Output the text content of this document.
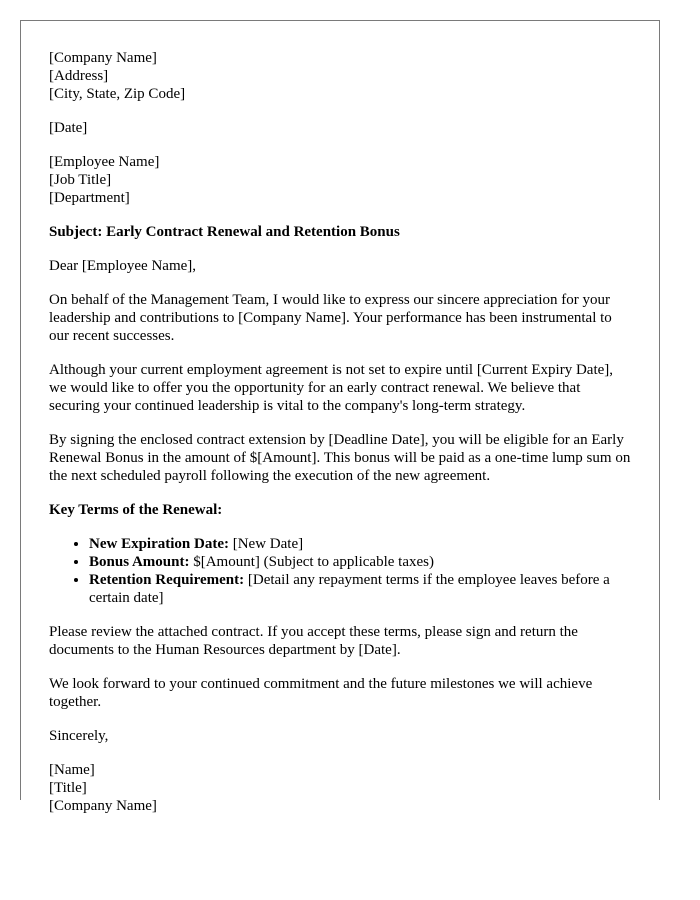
[Company Name]
[Address]
[City, State, Zip Code]

[Date]

[Employee Name]
[Job Title]
[Department]

Subject: Early Contract Renewal and Retention Bonus

Dear [Employee Name],

On behalf of the Management Team, I would like to express our sincere appreciation for your leadership and contributions to [Company Name]. Your performance has been instrumental to our recent successes.

Although your current employment agreement is not set to expire until [Current Expiry Date], we would like to offer you the opportunity for an early contract renewal. We believe that securing your continued leadership is vital to the company's long-term strategy.

By signing the enclosed contract extension by [Deadline Date], you will be eligible for an Early Renewal Bonus in the amount of $[Amount]. This bonus will be paid as a one-time lump sum on the next scheduled payroll following the execution of the new agreement.

Key Terms of the Renewal:

• New Expiration Date: [New Date]
• Bonus Amount: $[Amount] (Subject to applicable taxes)
• Retention Requirement: [Detail any repayment terms if the employee leaves before a certain date]

Please review the attached contract. If you accept these terms, please sign and return the documents to the Human Resources department by [Date].

We look forward to your continued commitment and the future milestones we will achieve together.

Sincerely,

[Name]
[Title]
[Company Name]
